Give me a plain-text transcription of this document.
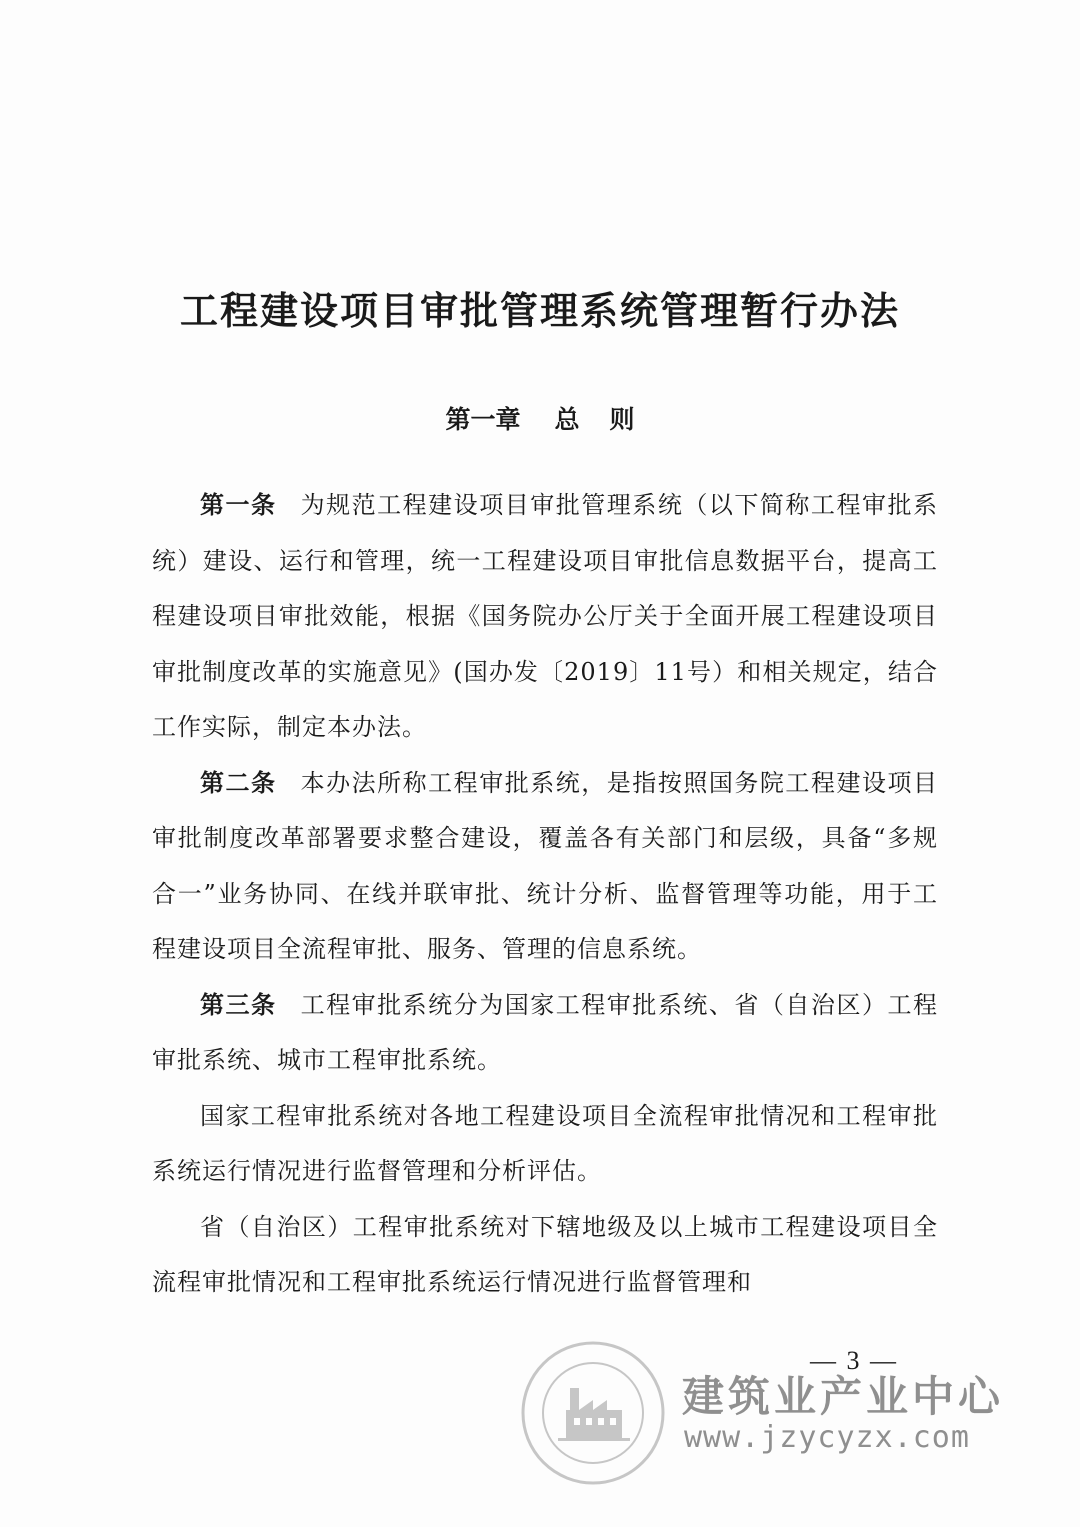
工程建设项目审批管理系统管理暂行办法
第一章 总 则

第一条 为规范工程建设项目审批管理系统（以下简称工程审批系统）建设、运行和管理，统一工程建设项目审批信息数据平台，提高工程建设项目审批效能，根据《国务院办公厅关于全面开展工程建设项目审批制度改革的实施意见》(国办发〔2019〕11号）和相关规定，结合工作实际，制定本办法。

第二条 本办法所称工程审批系统，是指按照国务院工程建设项目审批制度改革部署要求整合建设，覆盖各有关部门和层级，具备“多规合一”业务协同、在线并联审批、统计分析、监督管理等功能，用于工程建设项目全流程审批、服务、管理的信息系统。

第三条 工程审批系统分为国家工程审批系统、省（自治区）工程审批系统、城市工程审批系统。

国家工程审批系统对各地工程建设项目全流程审批情况和工程审批系统运行情况进行监督管理和分析评估。

省（自治区）工程审批系统对下辖地级及以上城市工程建设项目全流程审批情况和工程审批系统运行情况进行监督管理和

— 3 —
建筑业产业中心
www.jzycyzx.com
